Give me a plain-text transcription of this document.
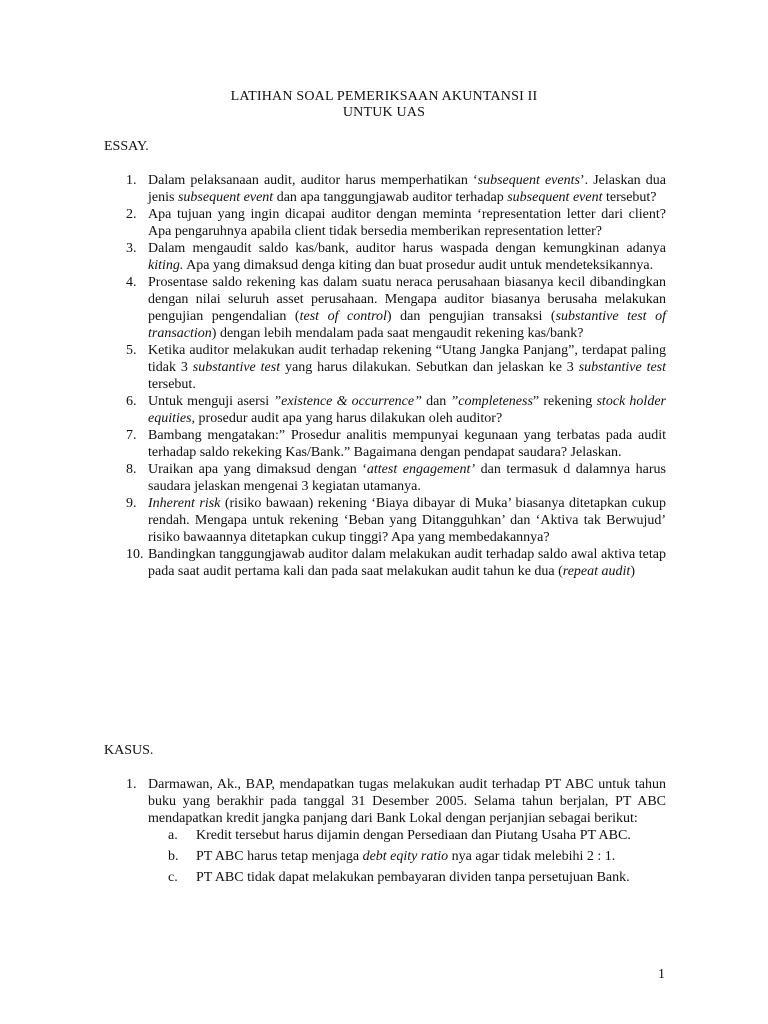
LATIHAN SOAL PEMERIKSAAN AKUNTANSI II
UNTUK UAS
ESSAY.
1. Dalam pelaksanaan audit, auditor harus memperhatikan ‘subsequent events’. Jelaskan dua jenis subsequent event dan apa tanggungjawab auditor terhadap subsequent event tersebut?
2. Apa tujuan yang ingin dicapai auditor dengan meminta ‘representation letter dari client? Apa pengaruhnya apabila client tidak bersedia memberikan representation letter?
3. Dalam mengaudit saldo kas/bank, auditor harus waspada dengan kemungkinan adanya kiting. Apa yang dimaksud denga kiting dan buat prosedur audit untuk mendeteksikannya.
4. Prosentase saldo rekening kas dalam suatu neraca perusahaan biasanya kecil dibandingkan dengan nilai seluruh asset perusahaan. Mengapa auditor biasanya berusaha melakukan pengujian pengendalian (test of control) dan pengujian transaksi (substantive test of transaction) dengan lebih mendalam pada saat mengaudit rekening kas/bank?
5. Ketika auditor melakukan audit terhadap rekening “Utang Jangka Panjang”, terdapat paling tidak 3 substantive test yang harus dilakukan. Sebutkan dan jelaskan ke 3 substantive test tersebut.
6. Untuk menguji asersi ”existence & occurrence” dan ”completeness” rekening stock holder equities, prosedur audit apa yang harus dilakukan oleh auditor?
7. Bambang mengatakan:” Prosedur analitis mempunyai kegunaan yang terbatas pada audit terhadap saldo rekeking Kas/Bank.” Bagaimana dengan pendapat saudara? Jelaskan.
8. Uraikan apa yang dimaksud dengan ‘attest engagement’ dan termasuk d dalamnya harus saudara jelaskan mengenai 3 kegiatan utamanya.
9. Inherent risk (risiko bawaan) rekening ‘Biaya dibayar di Muka’ biasanya ditetapkan cukup rendah. Mengapa untuk rekening ‘Beban yang Ditangguhkan’ dan ‘Aktiva tak Berwujud’ risiko bawaannya ditetapkan cukup tinggi? Apa yang membedakannya?
10. Bandingkan tanggungjawab auditor dalam melakukan audit terhadap saldo awal aktiva tetap pada saat audit pertama kali dan pada saat melakukan audit tahun ke dua (repeat audit)
KASUS.
1. Darmawan, Ak., BAP, mendapatkan tugas melakukan audit terhadap PT ABC untuk tahun buku yang berakhir pada tanggal 31 Desember 2005. Selama tahun berjalan, PT ABC mendapatkan kredit jangka panjang dari Bank Lokal dengan perjanjian sebagai berikut:
a. Kredit tersebut harus dijamin dengan Persediaan dan Piutang Usaha PT ABC.
b. PT ABC harus tetap menjaga debt eqity ratio nya agar tidak melebihi 2 : 1.
c. PT ABC tidak dapat melakukan pembayaran dividen tanpa persetujuan Bank.
1
